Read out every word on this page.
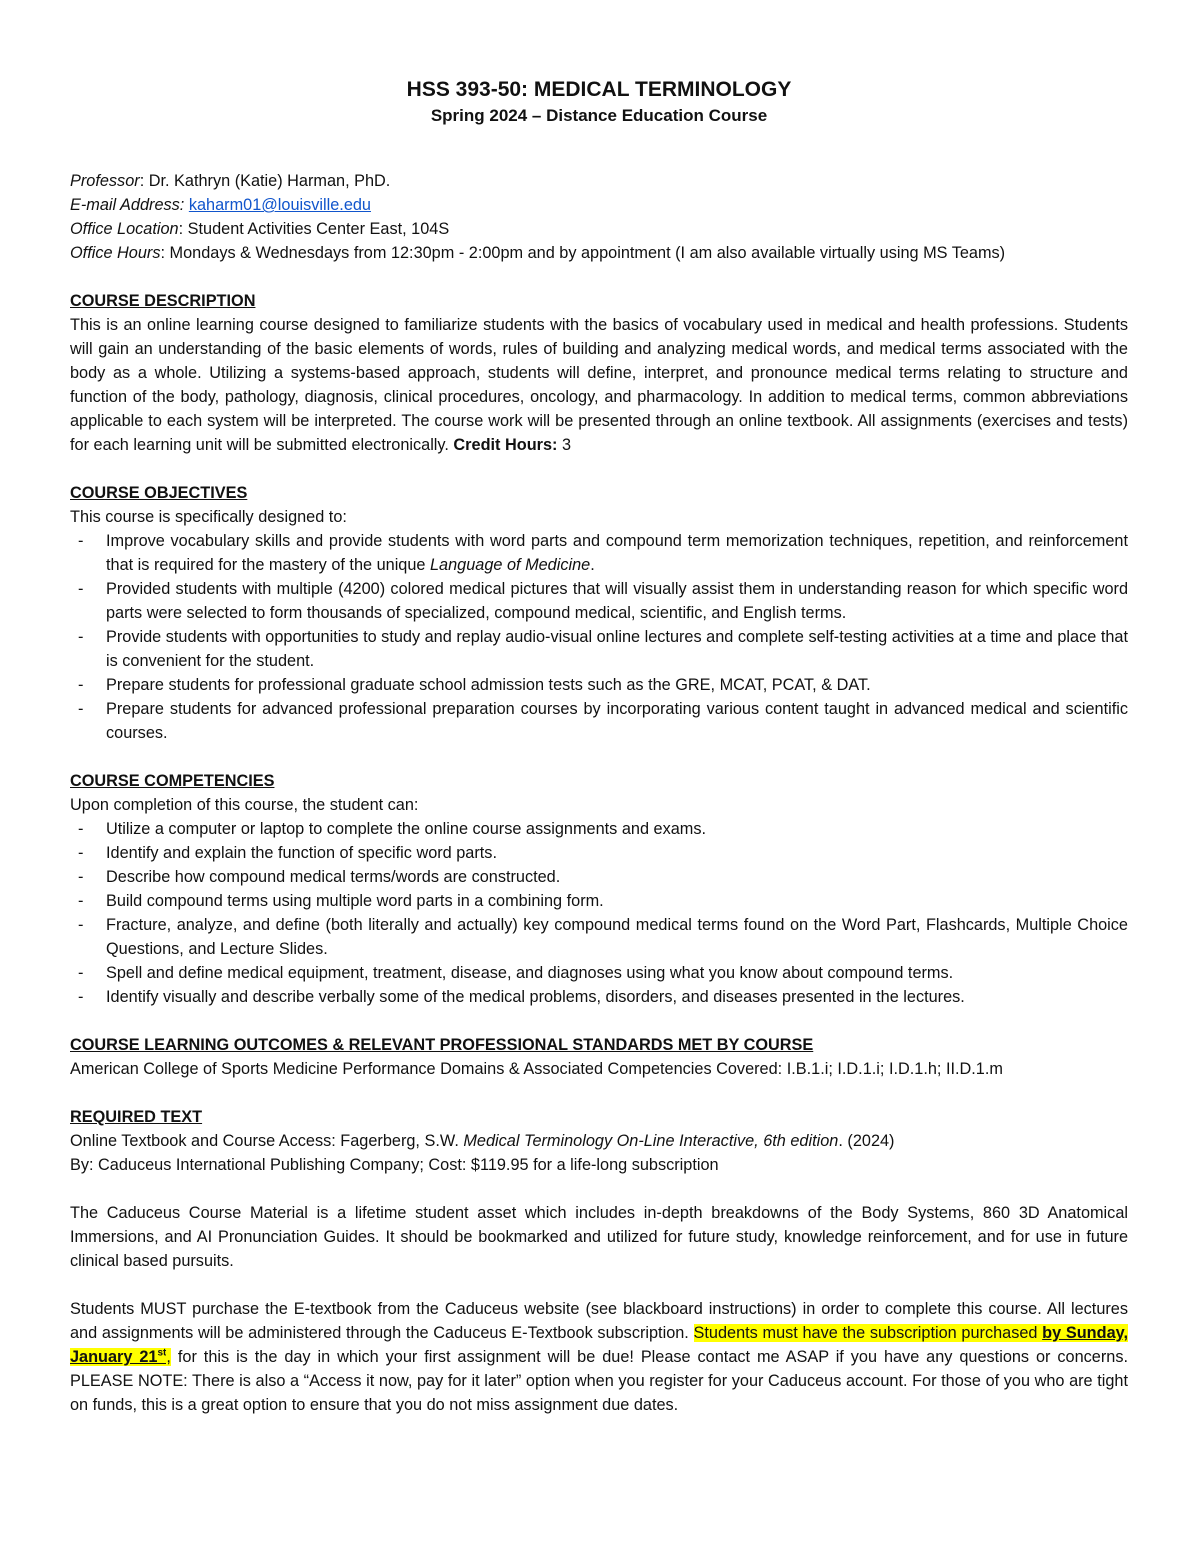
HSS 393-50: MEDICAL TERMINOLOGY

Spring 2024 – Distance Education Course

Professor: Dr. Kathryn (Katie) Harman, PhD.

E-mail Address: kaharm01@louisville.edu

Office Location: Student Activities Center East, 104S

Office Hours: Mondays & Wednesdays from 12:30pm - 2:00pm and by appointment (I am also available virtually using MS Teams)

COURSE DESCRIPTION

This is an online learning course designed to familiarize students with the basics of vocabulary used in medical and health professions. Students will gain an understanding of the basic elements of words, rules of building and analyzing medical words, and medical terms associated with the body as a whole. Utilizing a systems-based approach, students will define, interpret, and pronounce medical terms relating to structure and function of the body, pathology, diagnosis, clinical procedures, oncology, and pharmacology. In addition to medical terms, common abbreviations applicable to each system will be interpreted. The course work will be presented through an online textbook. All assignments (exercises and tests) for each learning unit will be submitted electronically. Credit Hours: 3

COURSE OBJECTIVES

This course is specifically designed to:

- Improve vocabulary skills and provide students with word parts and compound term memorization techniques, repetition, and reinforcement that is required for the mastery of the unique Language of Medicine.
- Provided students with multiple (4200) colored medical pictures that will visually assist them in understanding reason for which specific word parts were selected to form thousands of specialized, compound medical, scientific, and English terms.
- Provide students with opportunities to study and replay audio-visual online lectures and complete self-testing activities at a time and place that is convenient for the student.
- Prepare students for professional graduate school admission tests such as the GRE, MCAT, PCAT, & DAT.
- Prepare students for advanced professional preparation courses by incorporating various content taught in advanced medical and scientific courses.

COURSE COMPETENCIES

Upon completion of this course, the student can:

- Utilize a computer or laptop to complete the online course assignments and exams.
- Identify and explain the function of specific word parts.
- Describe how compound medical terms/words are constructed.
- Build compound terms using multiple word parts in a combining form.
- Fracture, analyze, and define (both literally and actually) key compound medical terms found on the Word Part, Flashcards, Multiple Choice Questions, and Lecture Slides.
- Spell and define medical equipment, treatment, disease, and diagnoses using what you know about compound terms.
- Identify visually and describe verbally some of the medical problems, disorders, and diseases presented in the lectures.

COURSE LEARNING OUTCOMES & RELEVANT PROFESSIONAL STANDARDS MET BY COURSE

American College of Sports Medicine Performance Domains & Associated Competencies Covered: I.B.1.i; I.D.1.i; I.D.1.h; II.D.1.m

REQUIRED TEXT

Online Textbook and Course Access: Fagerberg, S.W. Medical Terminology On-Line Interactive, 6th edition. (2024)

By: Caduceus International Publishing Company; Cost: $119.95 for a life-long subscription

The Caduceus Course Material is a lifetime student asset which includes in-depth breakdowns of the Body Systems, 860 3D Anatomical Immersions, and AI Pronunciation Guides. It should be bookmarked and utilized for future study, knowledge reinforcement, and for use in future clinical based pursuits.

Students MUST purchase the E-textbook from the Caduceus website (see blackboard instructions) in order to complete this course. All lectures and assignments will be administered through the Caduceus E-Textbook subscription. Students must have the subscription purchased by Sunday, January 21st, for this is the day in which your first assignment will be due! Please contact me ASAP if you have any questions or concerns. PLEASE NOTE: There is also a “Access it now, pay for it later” option when you register for your Caduceus account. For those of you who are tight on funds, this is a great option to ensure that you do not miss assignment due dates.
